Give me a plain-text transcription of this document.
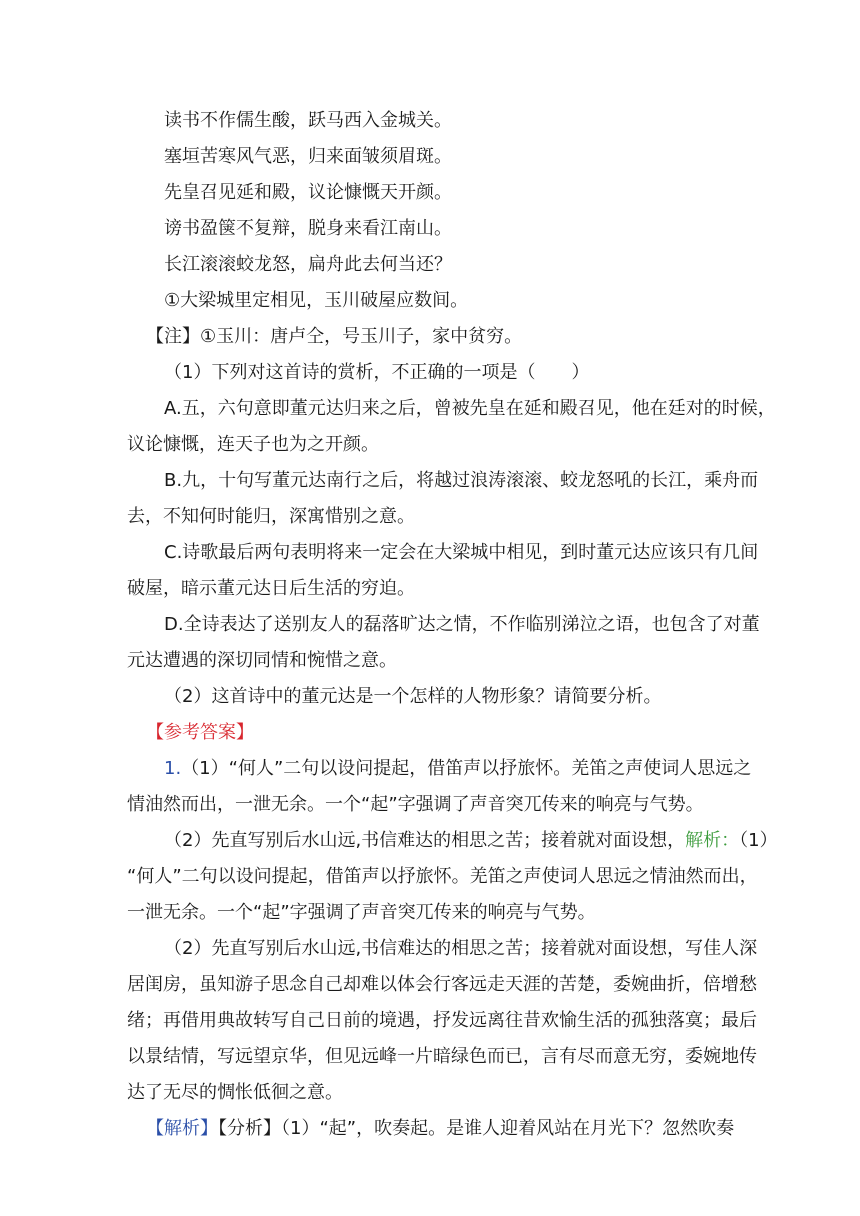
读书不作儒生酸，跃马西入金城关。
塞垣苦寒风气恶，归来面皱须眉斑。
先皇召见延和殿，议论慷慨天开颜。
谤书盈箧不复辩，脱身来看江南山。
长江滚滚蛟龙怒，扁舟此去何当还？
①大梁城里定相见，玉川破屋应数间。
【注】①玉川：唐卢仝，号玉川子，家中贫穷。
（1）下列对这首诗的赏析，不正确的一项是（　　）
A.五，六句意即董元达归来之后，曾被先皇在延和殿召见，他在廷对的时候，
议论慷慨，连天子也为之开颜。
B.九，十句写董元达南行之后，将越过浪涛滚滚、蛟龙怒吼的长江，乘舟而
去，不知何时能归，深寓惜别之意。
C.诗歌最后两句表明将来一定会在大梁城中相见，到时董元达应该只有几间
破屋，暗示董元达日后生活的穷迫。
D.全诗表达了送别友人的磊落旷达之情，不作临别涕泣之语，也包含了对董
元达遭遇的深切同情和惋惜之意。
（2）这首诗中的董元达是一个怎样的人物形象？请简要分析。
【参考答案】
1.（1）“何人”二句以设问提起，借笛声以抒旅怀。羌笛之声使词人思远之
情油然而出，一泄无余。一个“起”字强调了声音突兀传来的响亮与气势。
（2）先直写别后水山远,书信难达的相思之苦；接着就对面设想，解析：（1）
“何人”二句以设问提起，借笛声以抒旅怀。羌笛之声使词人思远之情油然而出，
一泄无余。一个“起”字强调了声音突兀传来的响亮与气势。
（2）先直写别后水山远,书信难达的相思之苦；接着就对面设想，写佳人深
居闺房，虽知游子思念自己却难以体会行客远走天涯的苦楚，委婉曲折，倍增愁
绪；再借用典故转写自己日前的境遇，抒发远离往昔欢愉生活的孤独落寞；最后
以景结情，写远望京华，但见远峰一片暗绿色而已，言有尽而意无穷，委婉地传
达了无尽的惆怅低徊之意。
【解析】【分析】（1）“起”，吹奏起。是谁人迎着风站在月光下？忽然吹奏
